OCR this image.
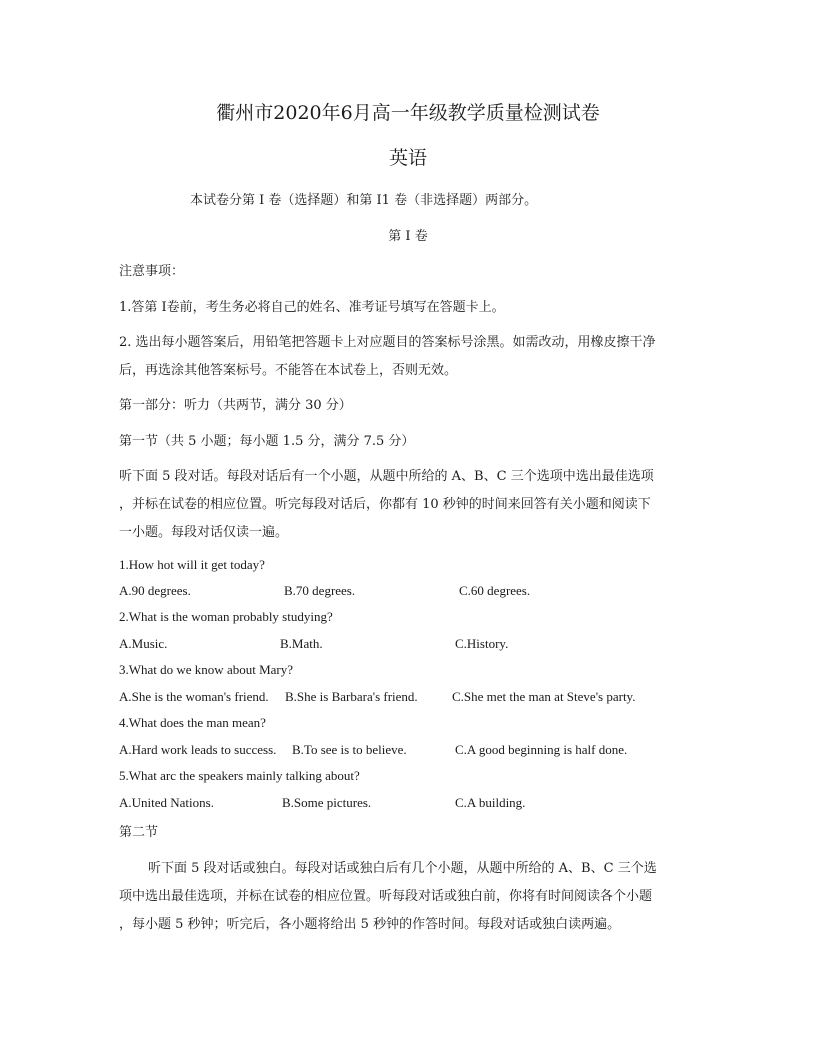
衢州市2020年6月高一年级教学质量检测试卷
英语
本试卷分第 I 卷（选择题）和第 I1 卷（非选择题）两部分。
第 I 卷
注意事项：
1.答第 I卷前，考生务必将自己的姓名、准考证号填写在答题卡上。
2. 选出每小题答案后，用铅笔把答题卡上对应题目的答案标号涂黑。如需改动，用橡皮擦干净
后，再选涂其他答案标号。不能答在本试卷上，否则无效。
第一部分：听力（共两节，满分 30 分）
第一节（共 5 小题；每小题 1.5 分，满分 7.5 分）
听下面 5 段对话。每段对话后有一个小题，从题中所给的 A、B、C 三个选项中选出最佳选项
，并标在试卷的相应位置。听完每段对话后，你都有 10 秒钟的时间来回答有关小题和阅读下
一小题。每段对话仅读一遍。
1.How hot will it get today?
A.90 degrees.	B.70 degrees.	C.60 degrees.
2.What is the woman probably studying?
A.Music.	B.Math.	C.History.
3.What do we know about Mary?
A.She is the woman's friend. B.She is Barbara's friend.	C.She met the man at Steve's party.
4.What does the man mean?
A.Hard work leads to success. B.To see is to believe.	C.A good beginning is half done.
5.What arc the speakers mainly talking about?
A.United Nations.	B.Some pictures.	C.A building.
第二节
听下面 5 段对话或独白。每段对话或独白后有几个小题，从题中所给的 A、B、C 三个选
项中选出最佳选项，并标在试卷的相应位置。听每段对话或独白前，你将有时间阅读各个小题
，每小题 5 秒钟；听完后，各小题将给出 5 秒钟的作答时间。每段对话或独白读两遍。
